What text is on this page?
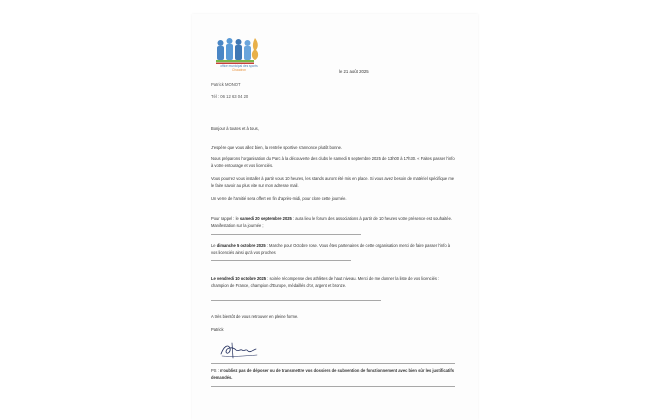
office municipal des sports
Chaudron	le 21 août 2025
Patrick MONOT
Tél : 06 12 63 04 20
Bonjour à toutes et à tous,
J'espère que vous allez bien, la rentrée sportive s'annonce plutôt bonne.
Nous préparons l'organisation du Parc à la découverte des clubs le samedi 6 septembre 2025 de 13h00 à 17h30. « Faites passer l'info à votre entourage et vos licenciés.
Vous pourrez vous installer à partir vous 10 heures, les stands auront été mis en place. Si vous avez besoin de matériel spécifique me le faire savoir au plus vite sur mon adresse mail.
Un verre de l'amitié sera offert en fin d'après-midi, pour clore cette journée.
Pour rappel : le samedi 20 septembre 2025 : aura lieu le forum des associations à partir de 10 heures votre présence est souhaitée. Manifestation sur la journée ;
Le dimanche 5 octobre 2025 : Marche pour Octobre rose. Vous êtes partenaires de cette organisation merci de faire passer l'info à vos licenciés ainsi qu'à vos proches
Le vendredi 10 octobre 2025 : soirée récompense des athlètes de haut niveau. Merci de me donner la liste de vos licenciés : champion de France, champion d'Europe, médaillés d'or, argent et bronze.
A très bientôt de vous retrouver en pleine forme.
Patrick
PS : n'oubliez pas de déposer ou de transmettre vos dossiers de subvention de fonctionnement avec bien sûr les justificatifs demandés.
